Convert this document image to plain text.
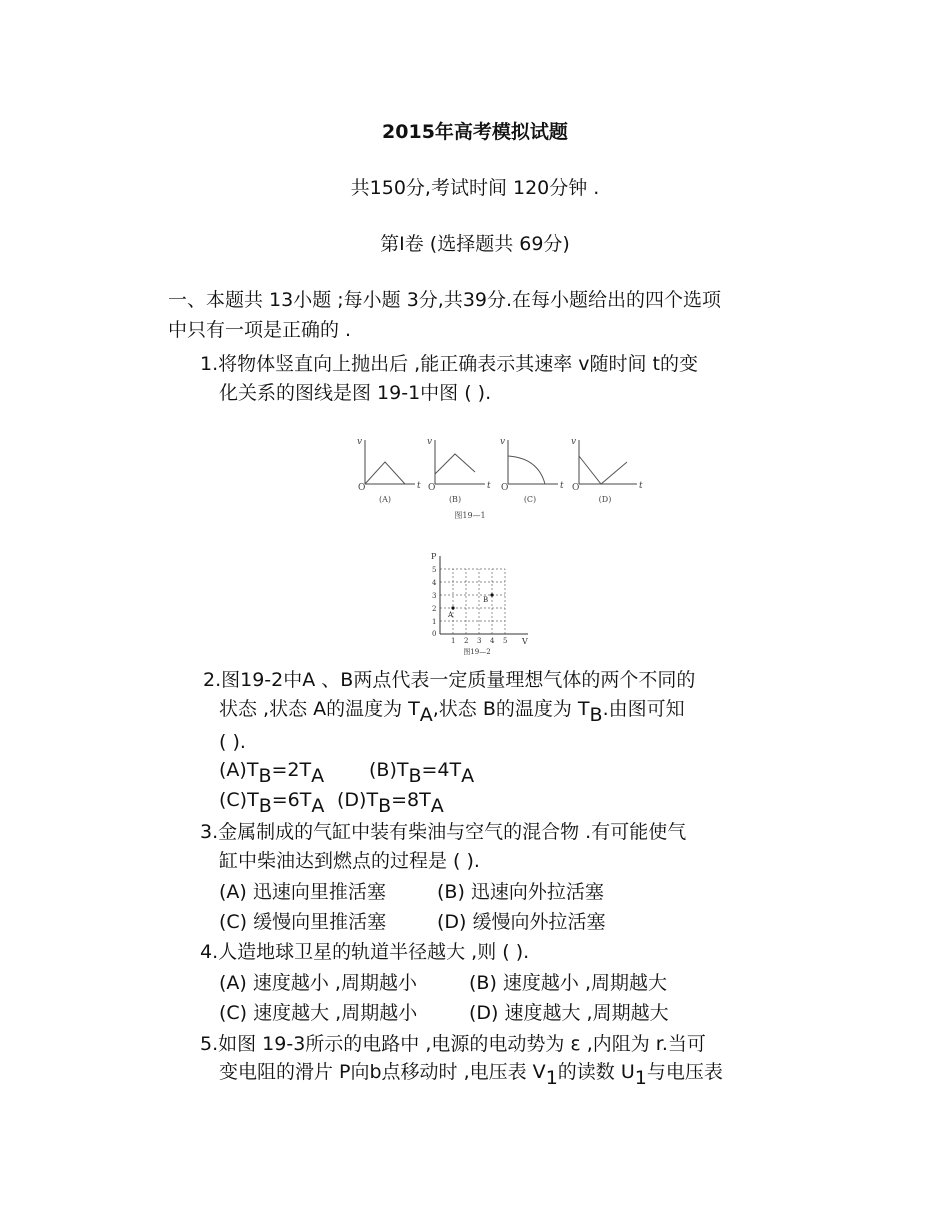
2015年高考模拟试题
共150分,考试时间 120分钟 .
第Ⅰ卷 (选择题共 69分)
一、本题共 13小题 ;每小题 3分,共39分.在每小题给出的四个选项
中只有一项是正确的 .
1.将物体竖直向上抛出后 ,能正确表示其速率 v随时间 t的变
化关系的图线是图 19-1中图 ( ).
v
t
O
v
t
O
v
t
O
v
t
O
(A)	(B)	(C)	(D)
图19—1
1
1
2
2
3
3
4
4
5
5
A
B
P
V
0
图19—2
2.图19-2中A 、B两点代表一定质量理想气体的两个不同的
状态 ,状态 A的温度为 $T_A$,状态 B的温度为 $T_B$.由图可知
( ).
$(A)T_B=2T_A$ $(B)T_B=4T_A$
$(C)T_B=6T_A$ $(D)T_B=8T_A$
3.金属制成的气缸中装有柴油与空气的混合物 .有可能使气
缸中柴油达到燃点的过程是 ( ).
(A) 迅速向里推活塞	(B) 迅速向外拉活塞
(C) 缓慢向里推活塞	(D) 缓慢向外拉活塞
4.人造地球卫星的轨道半径越大 ,则 ( ).
(A) 速度越小 ,周期越小	(B) 速度越小 ,周期越大
(C) 速度越大 ,周期越小	(D) 速度越大 ,周期越大
5.如图 19-3所示的电路中 ,电源的电动势为 ε ,内阻为 r.当可
变电阻的滑片 P向b点移动时 ,电压表 $V_1$的读数 $U_1$与电压表
